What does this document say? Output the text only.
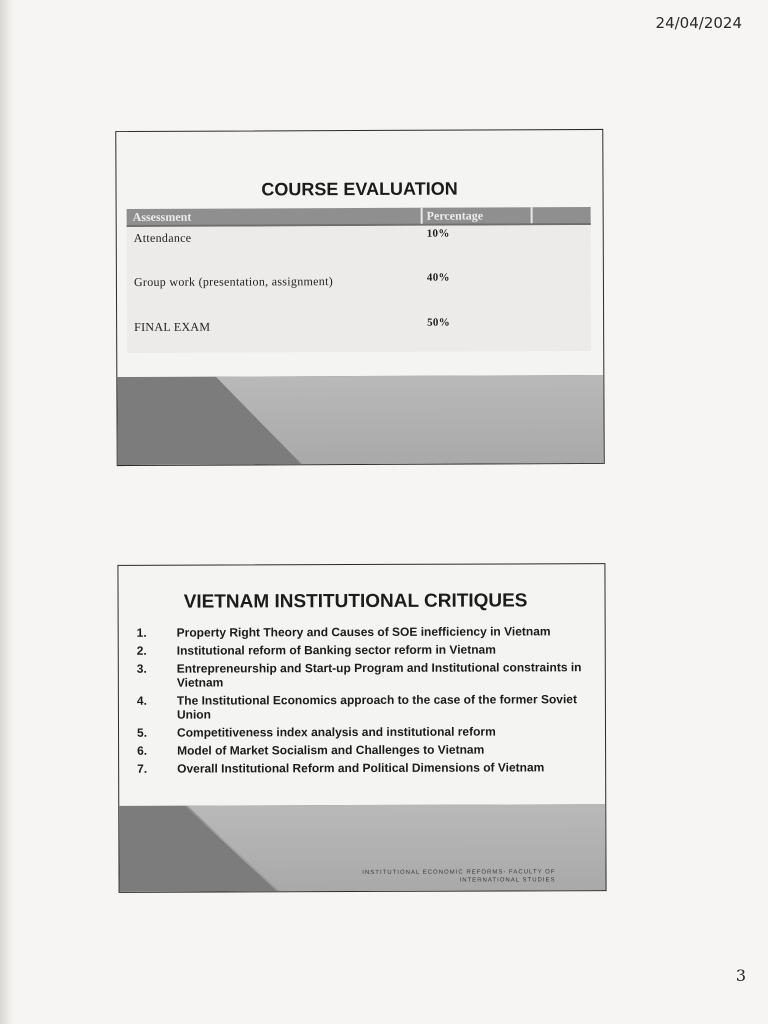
24/04/2024
COURSE EVALUATION
Assessment	Percentage
Attendance	10%
Group work (presentation, assignment)	40%
FINAL EXAM	50%
VIETNAM INSTITUTIONAL CRITIQUES
1.	Property Right Theory and Causes of SOE inefficiency in Vietnam
2.	Institutional reform of Banking sector reform in Vietnam
3.	Entrepreneurship and Start-up Program and Institutional constraints in Vietnam
4.	The Institutional Economics approach to the case of the former Soviet Union
5.	Competitiveness index analysis and institutional reform
6.	Model of Market Socialism and Challenges to Vietnam
7.	Overall Institutional Reform and Political Dimensions of Vietnam
INSTITUTIONAL ECONOMIC REFORMS- FACULTY OF INTERNATIONAL STUDIES
3
